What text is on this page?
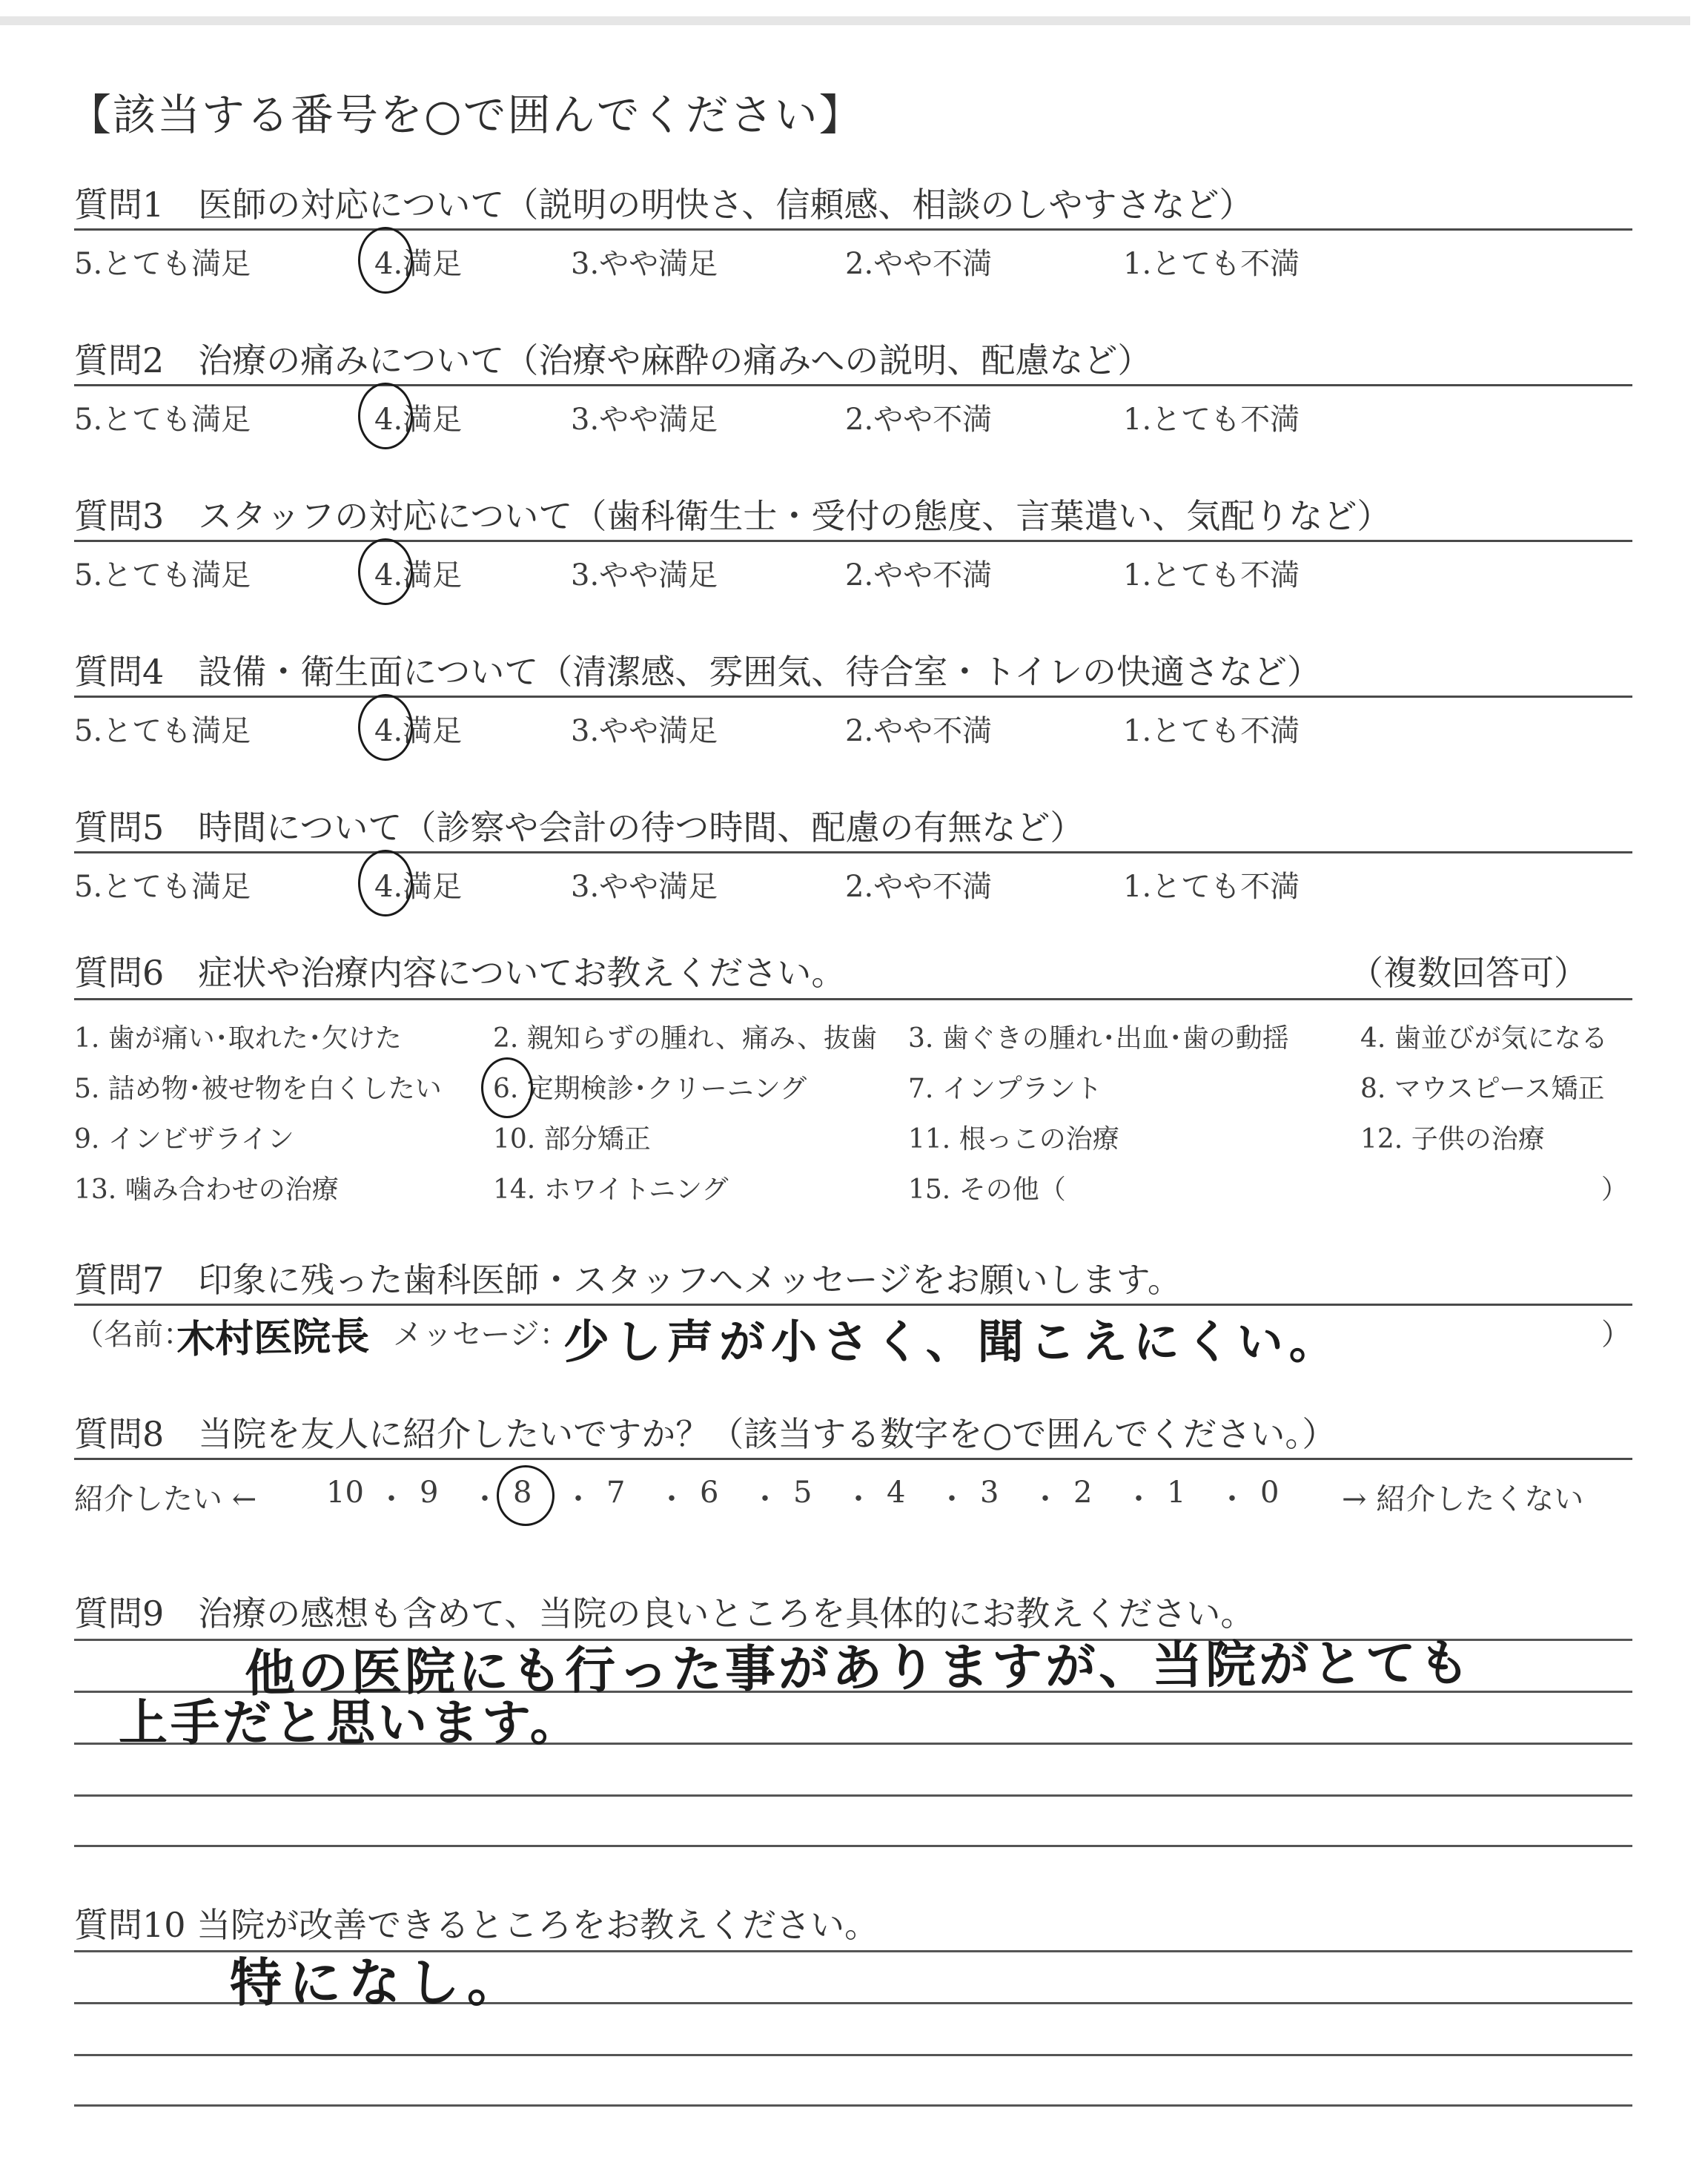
【該当する番号を○で囲んでください】
質問1　医師の対応について（説明の明快さ、信頼感、相談のしやすさなど）
5.とても満足	4.満足	3.やや満足	2.やや不満	1.とても不満
質問2　治療の痛みについて（治療や麻酔の痛みへの説明、配慮など）
5.とても満足	4.満足	3.やや満足	2.やや不満	1.とても不満
質問3　スタッフの対応について（歯科衛生士・受付の態度、言葉遣い、気配りなど）
5.とても満足	4.満足	3.やや満足	2.やや不満	1.とても不満
質問4　設備・衛生面について（清潔感、雰囲気、待合室・トイレの快適さなど）
5.とても満足	4.満足	3.やや満足	2.やや不満	1.とても不満
質問5　時間について（診察や会計の待つ時間、配慮の有無など）
5.とても満足	4.満足	3.やや満足	2.やや不満	1.とても不満
質問6　症状や治療内容についてお教えください。	（複数回答可）
1. 歯が痛い･取れた･欠けた	2. 親知らずの腫れ、痛み、抜歯 3. 歯ぐきの腫れ･出血･歯の動揺	4. 歯並びが気になる
5. 詰め物･被せ物を白くしたい 6. 定期検診･クリーニング	7. インプラント	8. マウスピース矯正
9. インビザライン	10. 部分矯正	11. 根っこの治療	12. 子供の治療
13. 噛み合わせの治療	14. ホワイトニング	15. その他（	）
質問7　印象に残った歯科医師・スタッフへメッセージをお願いします。
（名前：
木村医院長 メッセージ：
少し声が小さく、聞こえにくい。	）
質問8　当院を友人に紹介したいですか？（該当する数字を○で囲んでください。）
紹介したい ← 10 ・ 9 ・ 8 ・ 7 ・ 6 ・ 5 ・ 4 ・ 3 ・ 2 ・ 1 ・ 0 → 紹介したくない
質問9　治療の感想も含めて、当院の良いところを具体的にお教えください。
他の医院にも行った事がありますが、当院がとても
上手だと思います。
質問10 当院が改善できるところをお教えください。
特になし。
